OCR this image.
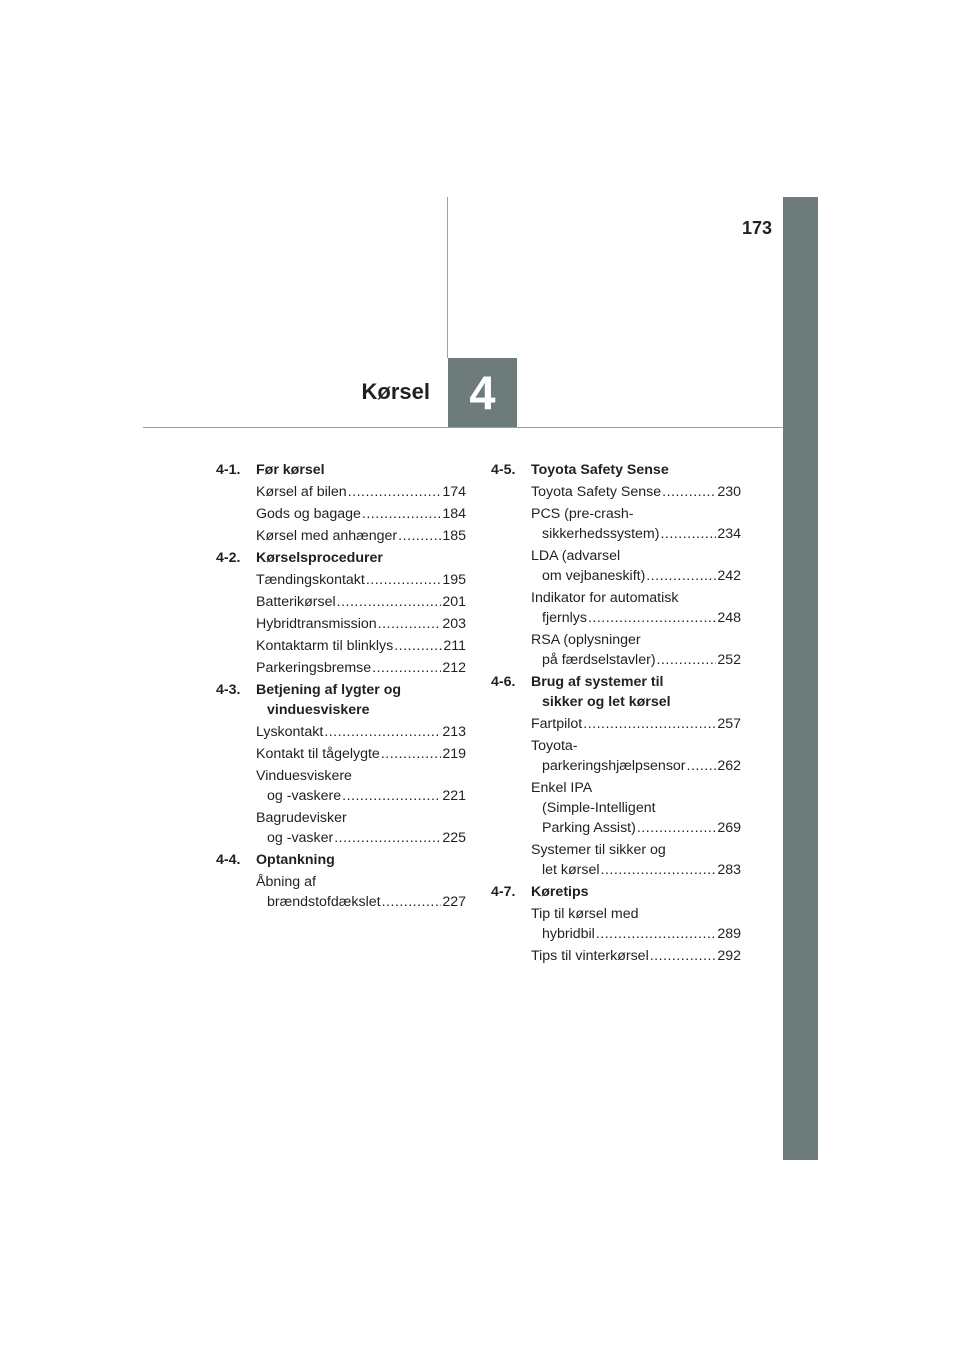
173
Kørsel 4
4-1. Før kørsel
Kørsel af bilen .....	174
Gods og bagage .....	184
Kørsel med anhænger .....	185
4-2. Kørselsprocedurer
Tændingskontakt .....	195
Batterikørsel .....	201
Hybridtransmission .....	203
Kontaktarm til blinklys .....	211
Parkeringsbremse .....	212
4-3. Betjening af lygter og
vinduesviskere
Lyskontakt .....	213
Kontakt til tågelygte .....	219
Vinduesviskere
og -vaskere .....	221
Bagrudevisker
og -vasker .....	225
4-4. Optankning
Åbning af
brændstofdækslet .....	227
4-5. Toyota Safety Sense
Toyota Safety Sense .....	230
PCS (pre-crash-
sikkerhedssystem) .....	234
LDA (advarsel
om vejbaneskift) .....	242
Indikator for automatisk
fjernlys .....	248
RSA (oplysninger
på færdselstavler) .....	252
4-6. Brug af systemer til
sikker og let kørsel
Fartpilot .....	257
Toyota-
parkeringshjælpsensor ..... 262
Enkel IPA
(Simple-Intelligent
Parking Assist) .....	269
Systemer til sikker og
let kørsel .....	283
4-7. Køretips
Tip til kørsel med
hybridbil .....	289
Tips til vinterkørsel .....	292
